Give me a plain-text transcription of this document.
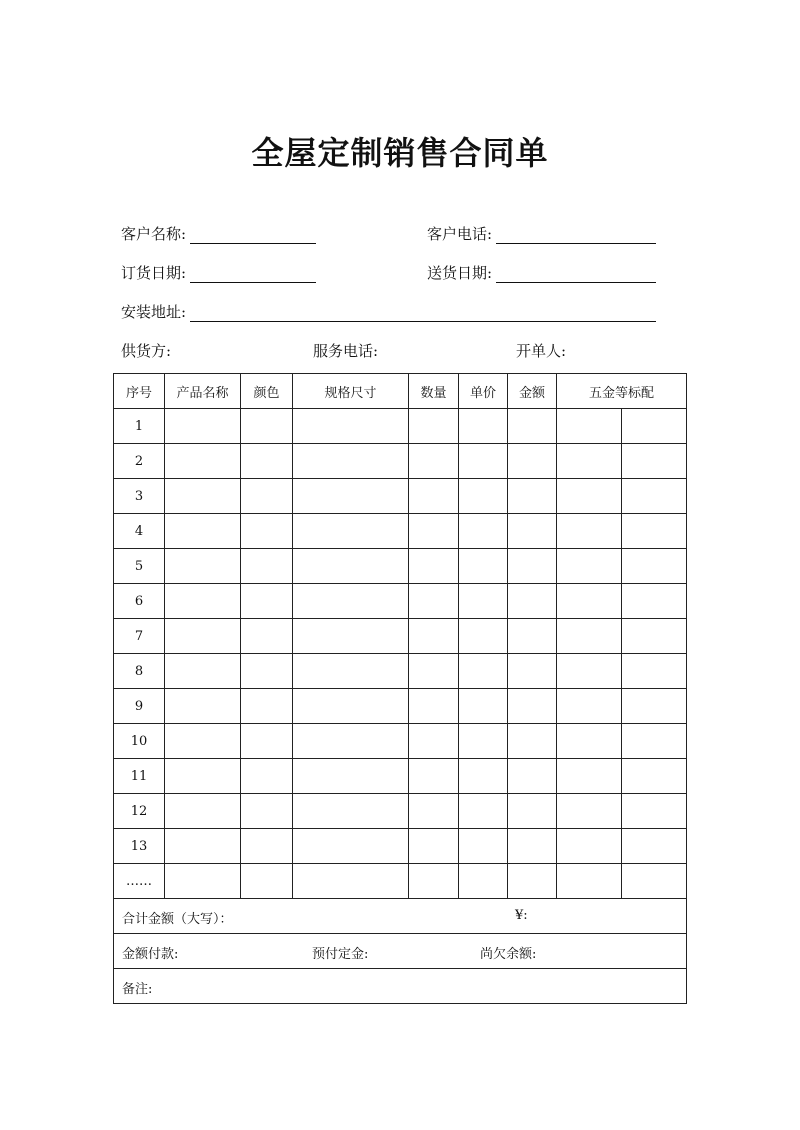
全屋定制销售合同单
客户名称:	客户电话:
订货日期:	送货日期:
安装地址:
供货方:	服务电话:	开单人:
序号	产品名称	颜色	规格尺寸	数量	单价	金额	五金等标配	
1								
2								
3								
4								
5								
6								
7								
8								
9								
10								
11								
12								
13								
……								

合计金额（大写）： ¥:								

金额付款: 预付定金: 尚欠余额:								

备注:								
